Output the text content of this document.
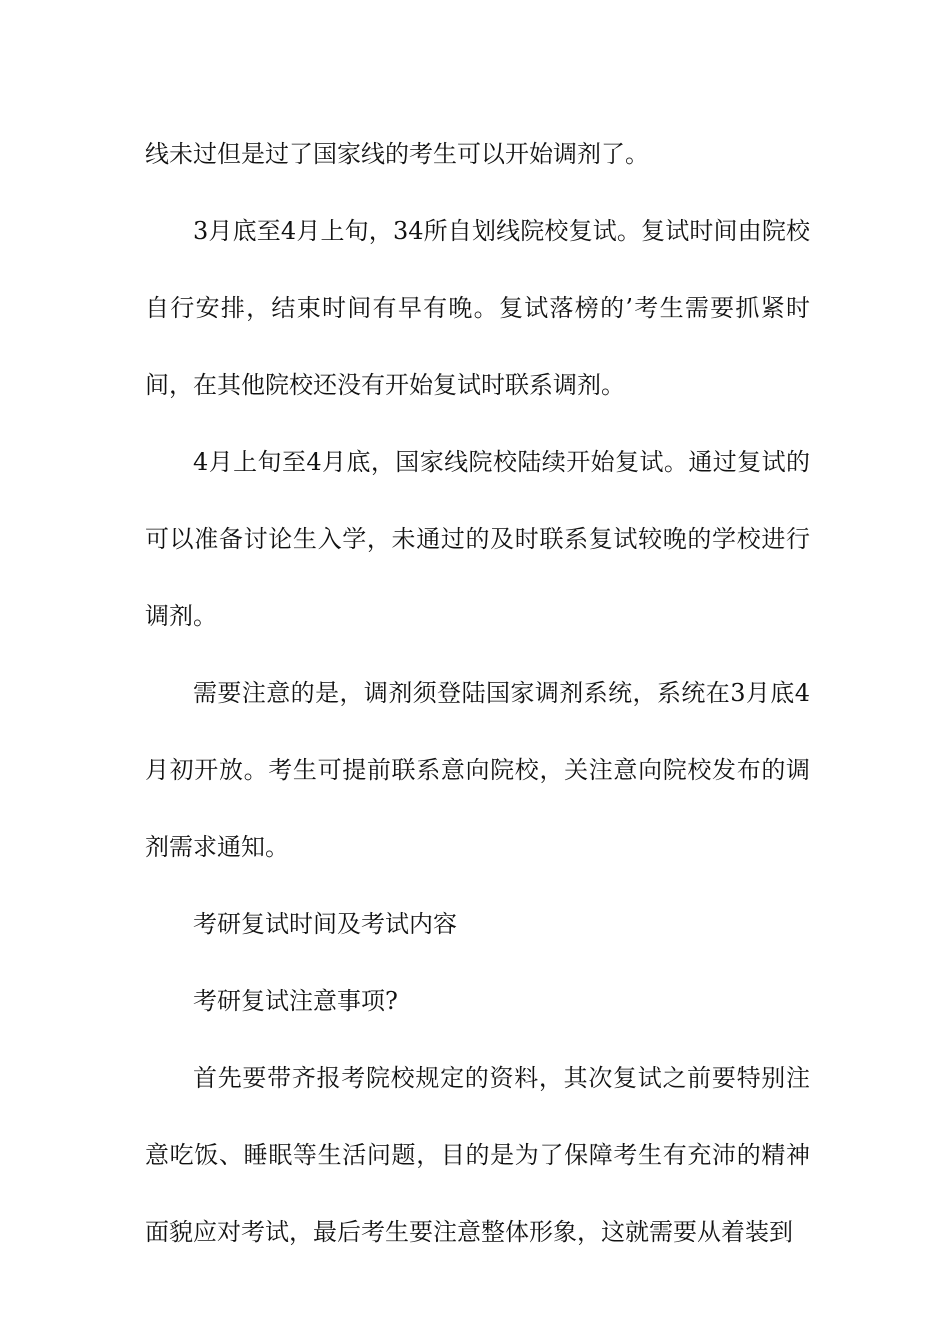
线未过但是过了国家线的考生可以开始调剂了。

3月底至4月上旬，34所自划线院校复试。复试时间由院校自行安排，结束时间有早有晚。复试落榜的’考生需要抓紧时间，在其他院校还没有开始复试时联系调剂。

4月上旬至4月底，国家线院校陆续开始复试。通过复试的可以准备讨论生入学，未通过的及时联系复试较晚的学校进行调剂。

需要注意的是，调剂须登陆国家调剂系统，系统在3月底4月初开放。考生可提前联系意向院校，关注意向院校发布的调剂需求通知。

考研复试时间及考试内容

考研复试注意事项?

首先要带齐报考院校规定的资料，其次复试之前要特别注意吃饭、睡眠等生活问题，目的是为了保障考生有充沛的精神面貌应对考试，最后考生要注意整体形象，这就需要从着装到
